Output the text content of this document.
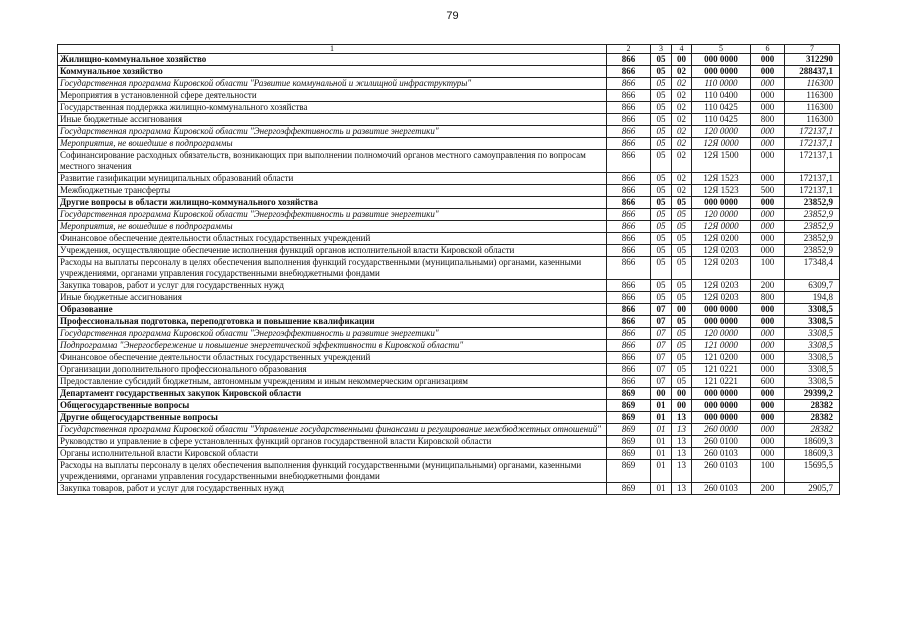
79
1	2	3	4	5	6	7
Жилищно-коммунальное хозяйство	866	05	00	000 0000	000	312290
Коммунальное хозяйство	866	05	02	000 0000	000	288437,1
Государственная программа Кировской области "Развитие коммунальной и жилищной инфраструктуры"	866	05	02	110 0000	000	116300
Мероприятия в установленной сфере деятельности	866	05	02	110 0400	000	116300
Государственная поддержка жилищно-коммунального хозяйства	866	05	02	110 0425	000	116300
Иные бюджетные ассигнования	866	05	02	110 0425	800	116300
Государственная программа Кировской области "Энергоэффективность и развитие энергетики"	866	05	02	120 0000	000	172137,1
Мероприятия, не вошедшие в подпрограммы	866	05	02	12Я 0000	000	172137,1
Софинансирование расходных обязательств, возникающих при выполнении полномочий органов местного самоуправления по вопросам местного значения	866	05	02	12Я 1500	000	172137,1
Развитие газификации муниципальных образований области	866	05	02	12Я 1523	000	172137,1
Межбюджетные трансферты	866	05	02	12Я 1523	500	172137,1
Другие вопросы в области жилищно-коммунального хозяйства	866	05	05	000 0000	000	23852,9
Государственная программа Кировской области "Энергоэффективность и развитие энергетики"	866	05	05	120 0000	000	23852,9
Мероприятия, не вошедшие в подпрограммы	866	05	05	12Я 0000	000	23852,9
Финансовое обеспечение деятельности областных государственных учреждений	866	05	05	12Я 0200	000	23852,9
Учреждения, осуществляющие обеспечение исполнения функций органов исполнительной власти Кировской области	866	05	05	12Я 0203	000	23852,9
Расходы на выплаты персоналу в целях обеспечения выполнения функций государственными (муниципальными) органами, казенными учреждениями, органами управления государственными внебюджетными фондами	866	05	05	12Я 0203	100	17348,4
Закупка товаров, работ и услуг для государственных нужд	866	05	05	12Я 0203	200	6309,7
Иные бюджетные ассигнования	866	05	05	12Я 0203	800	194,8
Образование	866	07	00	000 0000	000	3308,5
Профессиональная подготовка, переподготовка и повышение квалификации	866	07	05	000 0000	000	3308,5
Государственная программа Кировской области "Энергоэффективность и развитие энергетики"	866	07	05	120 0000	000	3308,5
Подпрограмма "Энергосбережение и повышение энергетической эффективности в Кировской области"	866	07	05	121 0000	000	3308,5
Финансовое обеспечение деятельности областных государственных учреждений	866	07	05	121 0200	000	3308,5
Организации дополнительного профессионального образования	866	07	05	121 0221	000	3308,5
Предоставление субсидий бюджетным, автономным учреждениям и иным некоммерческим организациям	866	07	05	121 0221	600	3308,5
Департамент государственных закупок Кировской области	869	00	00	000 0000	000	29399,2
Общегосударственные вопросы	869	01	00	000 0000	000	28382
Другие общегосударственные вопросы	869	01	13	000 0000	000	28382
Государственная программа Кировской области "Управление государственными финансами и регулирование межбюджетных отношений"	869	01	13	260 0000	000	28382
Руководство и управление в сфере установленных функций органов государственной власти Кировской области	869	01	13	260 0100	000	18609,3
Органы исполнительной власти Кировской области	869	01	13	260 0103	000	18609,3
Расходы на выплаты персоналу в целях обеспечения выполнения функций государственными (муниципальными) органами, казенными учреждениями, органами управления государственными внебюджетными фондами	869	01	13	260 0103	100	15695,5
Закупка товаров, работ и услуг для государственных нужд	869	01	13	260 0103	200	2905,7
